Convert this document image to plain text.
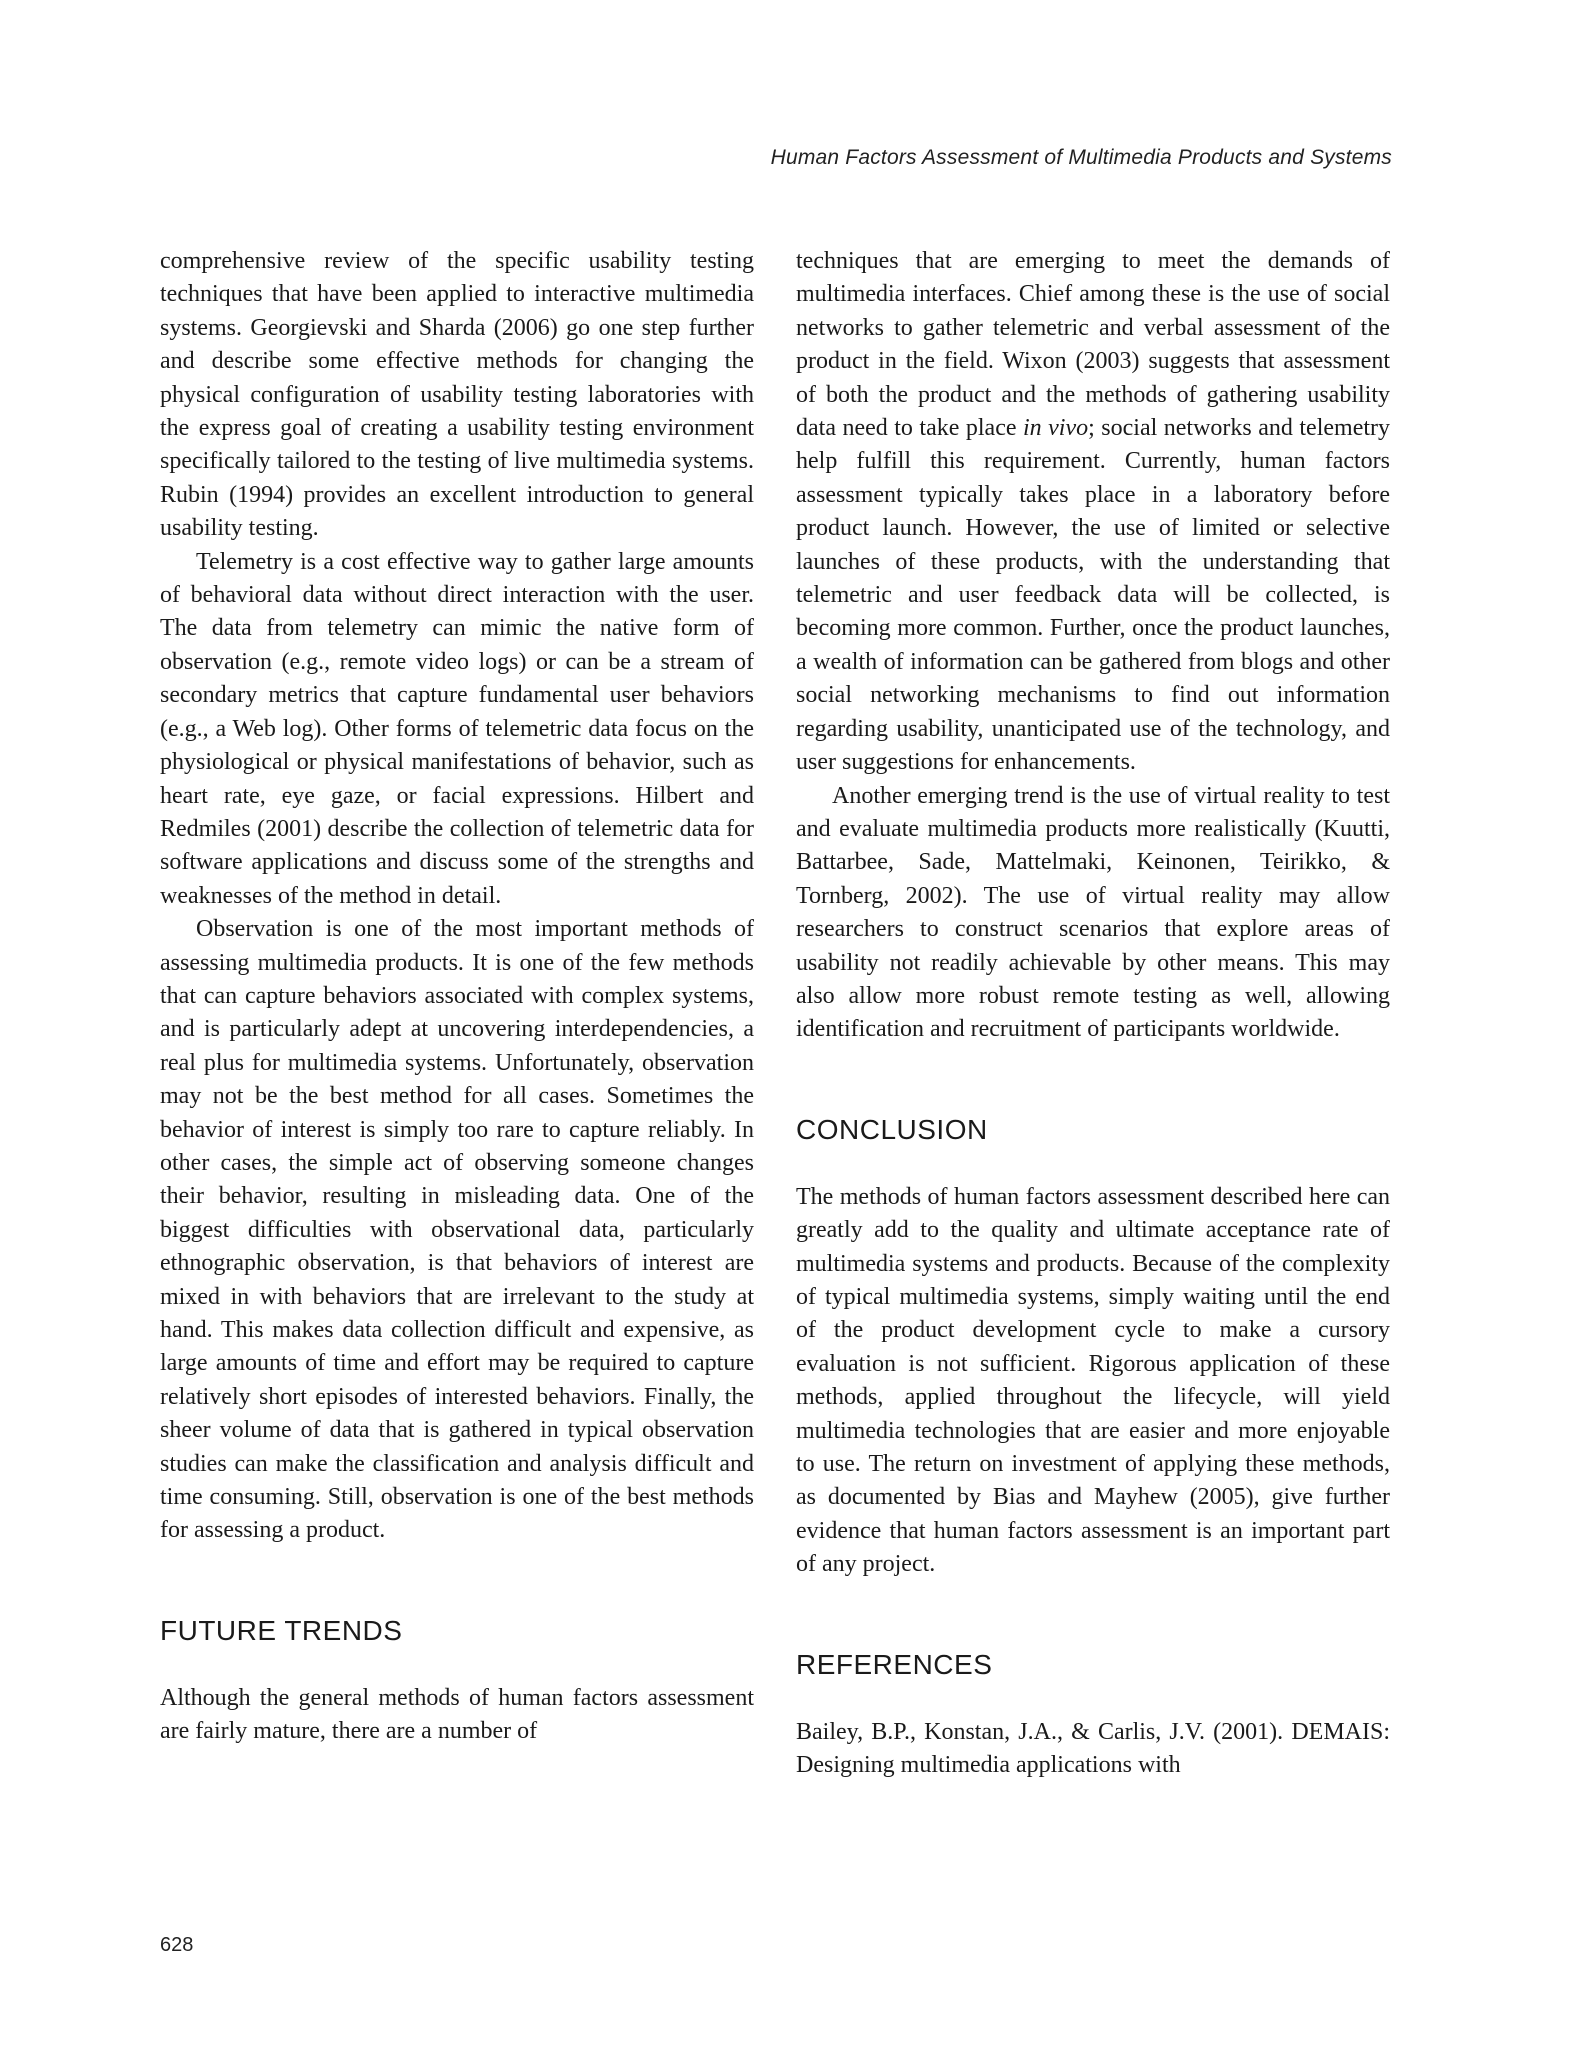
Human Factors Assessment of Multimedia Products and Systems

comprehensive review of the specific usability testing techniques that have been applied to interactive multimedia systems. Georgievski and Sharda (2006) go one step further and describe some effective methods for changing the physical configuration of usability testing laboratories with the express goal of creating a usability testing environment specifically tailored to the testing of live multimedia systems. Rubin (1994) provides an excellent introduction to general usability testing.

Telemetry is a cost effective way to gather large amounts of behavioral data without direct interaction with the user. The data from telemetry can mimic the native form of observation (e.g., remote video logs) or can be a stream of secondary metrics that capture fundamental user behaviors (e.g., a Web log). Other forms of telemetric data focus on the physiological or physical manifestations of behavior, such as heart rate, eye gaze, or facial expressions. Hilbert and Redmiles (2001) describe the collection of telemetric data for software applications and discuss some of the strengths and weaknesses of the method in detail.

Observation is one of the most important methods of assessing multimedia products. It is one of the few methods that can capture behaviors associated with complex systems, and is particularly adept at uncovering interdependencies, a real plus for multimedia systems. Unfortunately, observation may not be the best method for all cases. Sometimes the behavior of interest is simply too rare to capture reliably. In other cases, the simple act of observing someone changes their behavior, resulting in misleading data. One of the biggest difficulties with observational data, particularly ethnographic observation, is that behaviors of interest are mixed in with behaviors that are irrelevant to the study at hand. This makes data collection difficult and expensive, as large amounts of time and effort may be required to capture relatively short episodes of interested behaviors. Finally, the sheer volume of data that is gathered in typical observation studies can make the classification and analysis difficult and time consuming. Still, observation is one of the best methods for assessing a product.

FUTURE TRENDS

Although the general methods of human factors assessment are fairly mature, there are a number of

techniques that are emerging to meet the demands of multimedia interfaces. Chief among these is the use of social networks to gather telemetric and verbal assessment of the product in the field. Wixon (2003) suggests that assessment of both the product and the methods of gathering usability data need to take place in vivo; social networks and telemetry help fulfill this requirement. Currently, human factors assessment typically takes place in a laboratory before product launch. However, the use of limited or selective launches of these products, with the understanding that telemetric and user feedback data will be collected, is becoming more common. Further, once the product launches, a wealth of information can be gathered from blogs and other social networking mechanisms to find out information regarding usability, unanticipated use of the technology, and user suggestions for enhancements.

Another emerging trend is the use of virtual reality to test and evaluate multimedia products more realistically (Kuutti, Battarbee, Sade, Mattelmaki, Keinonen, Teirikko, & Tornberg, 2002). The use of virtual reality may allow researchers to construct scenarios that explore areas of usability not readily achievable by other means. This may also allow more robust remote testing as well, allowing identification and recruitment of participants worldwide.

CONCLUSION

The methods of human factors assessment described here can greatly add to the quality and ultimate acceptance rate of multimedia systems and products. Because of the complexity of typical multimedia systems, simply waiting until the end of the product development cycle to make a cursory evaluation is not sufficient. Rigorous application of these methods, applied throughout the lifecycle, will yield multimedia technologies that are easier and more enjoyable to use. The return on investment of applying these methods, as documented by Bias and Mayhew (2005), give further evidence that human factors assessment is an important part of any project.

REFERENCES

Bailey, B.P., Konstan, J.A., & Carlis, J.V. (2001). DEMAIS: Designing multimedia applications with

628
